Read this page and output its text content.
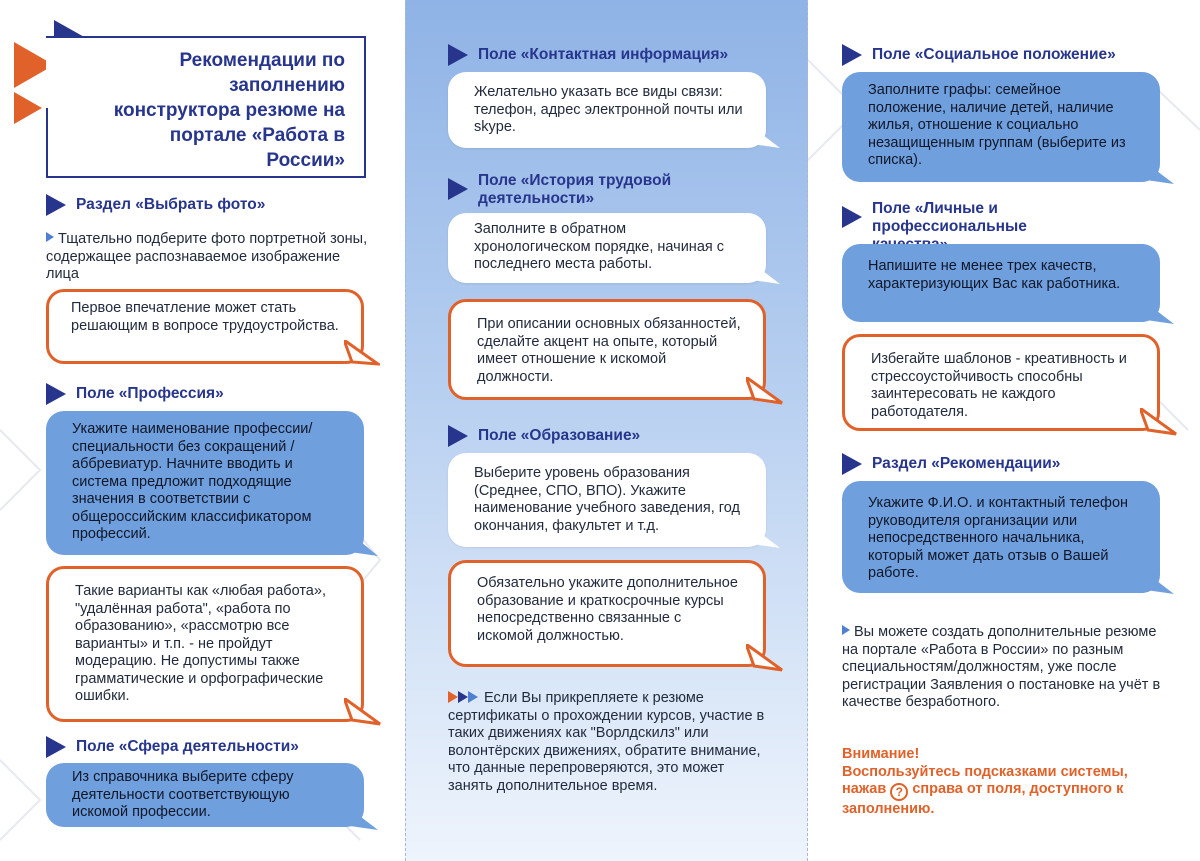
Рекомендации по заполнению конструктора резюме на портале «Работа в России»
Раздел «Выбрать фото»
Тщательно подберите фото портретной зоны, содержащее распознаваемое изображение лица
Первое впечатление может стать решающим в вопросе трудоустройства.
Поле «Профессия»
Укажите наименование профессии/специальности без сокращений / аббревиатур. Начните вводить и система предложит подходящие значения в соответствии с общероссийским классификатором профессий.
Такие варианты как «любая работа», "удалённая работа", «работа по образованию», «рассмотрю все варианты» и т.п. - не пройдут модерацию. Не допустимы также грамматические и орфографические ошибки.
Поле «Сфера деятельности»
Из справочника выберите сферу деятельности соответствующую искомой профессии.
Поле «Контактная информация»
Желательно указать все виды связи: телефон, адрес электронной почты или skype.
Поле «История трудовой деятельности»
Заполните в обратном хронологическом порядке, начиная с последнего места работы.
При описании основных обязанностей, сделайте акцент на опыте, который имеет отношение к искомой должности.
Поле «Образование»
Выберите уровень образования (Среднее, СПО, ВПО). Укажите наименование учебного заведения, год окончания, факультет и т.д.
Обязательно укажите дополнительное образование и краткосрочные курсы непосредственно связанные с искомой должностью.
Если Вы прикрепляете к резюме сертификаты о прохождении курсов, участие в таких движениях как "Ворлдскилз" или волонтёрских движениях, обратите внимание, что данные перепроверяются, это может занять дополнительное время.
Поле «Социальное положение»
Заполните графы: семейное положение, наличие детей, наличие жилья, отношение к социально незащищенным группам (выберите из списка).
Поле «Личные и профессиональные
Напишите не менее трех качеств, характеризующих Вас как работника.
Избегайте шаблонов - креативность и стрессоустойчивость способны заинтересовать не каждого работодателя.
Раздел «Рекомендации»
Укажите Ф.И.О. и контактный телефон руководителя организации или непосредственного начальника, который может дать отзыв о Вашей работе.
Вы можете создать дополнительные резюме на портале «Работа в России» по разным специальностям/должностям, уже после регистрации Заявления о постановке на учёт в качестве безработного.
Внимание!
Воспользуйтесь подсказками системы, нажав ? справа от поля, доступного к заполнению.
